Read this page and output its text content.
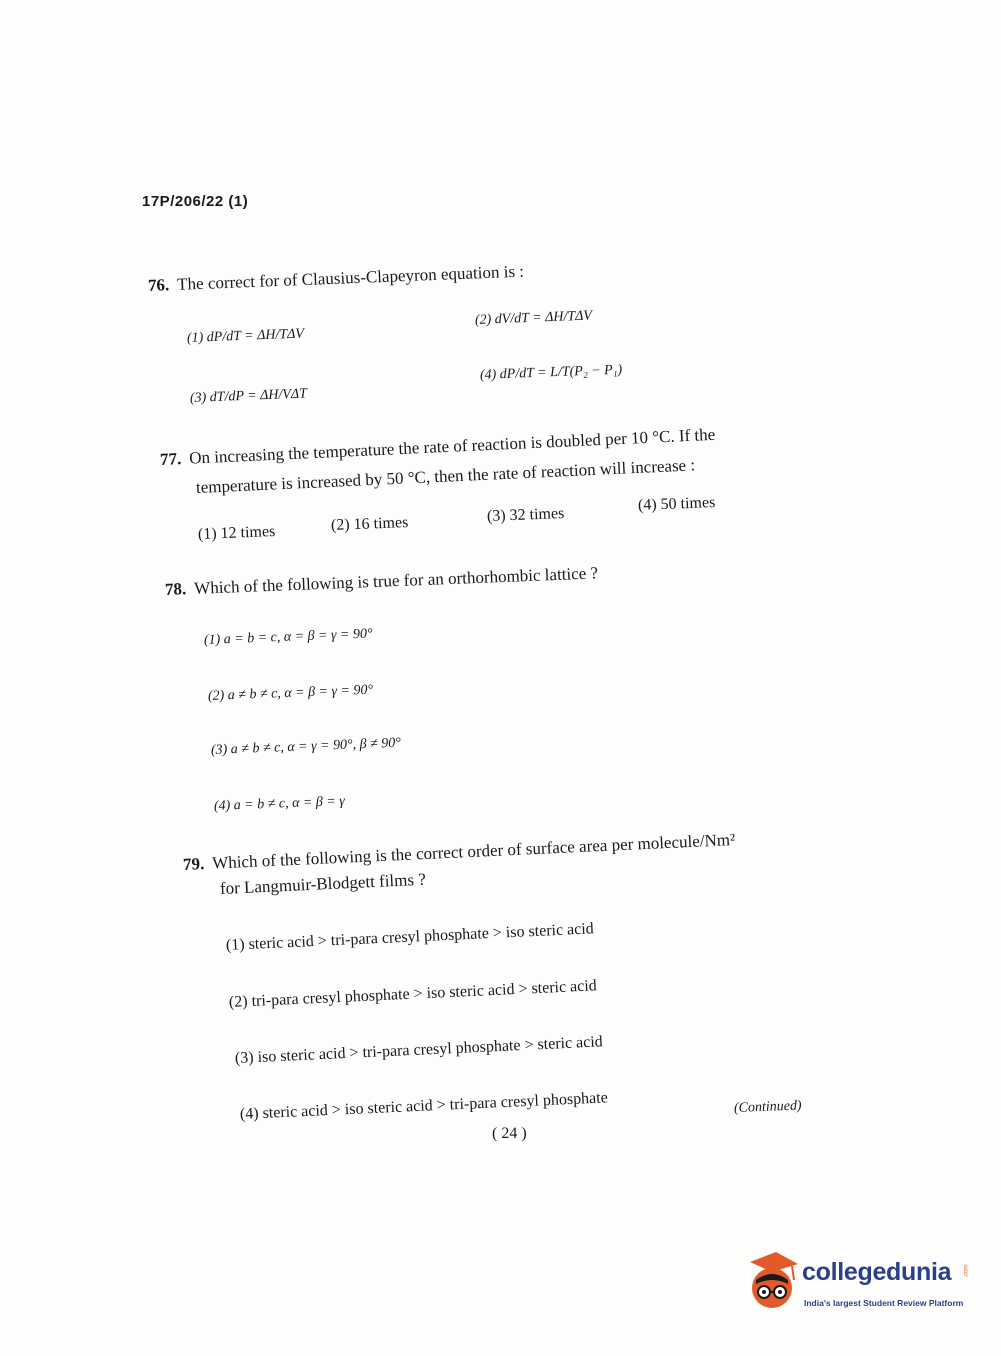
17P/206/22 (1)
76. The correct for of Clausius-Clapeyron equation is :
(1) dP/dT = ΔH/TΔV
(2) dV/dT = ΔH/TΔV
(3) dT/dP = ΔH/VΔT
(4) dP/dT = L/T(P₂ − P₁)
77. On increasing the temperature the rate of reaction is doubled per 10 °C. If the
temperature is increased by 50 °C, then the rate of reaction will increase :
(1) 12 times	(2) 16 times	(3) 32 times
(4) 50 times
78. Which of the following is true for an orthorhombic lattice ?
(1) a = b = c, α = β = γ = 90°
(2) a ≠ b ≠ c, α = β = γ = 90°
(3) a ≠ b ≠ c, α = γ = 90°, β ≠ 90°
(4) a = b ≠ c, α = β = γ
79. Which of the following is the correct order of surface area per molecule/Nm²
for Langmuir-Blodgett films ?
(1) steric acid > tri-para cresyl phosphate > iso steric acid
(2) tri-para cresyl phosphate > iso steric acid > steric acid
(3) iso steric acid > tri-para cresyl phosphate > steric acid
(4) steric acid > iso steric acid > tri-para cresyl phosphate	(Continued)
( 24 )
collegedunia .com
India's largest Student Review Platform
